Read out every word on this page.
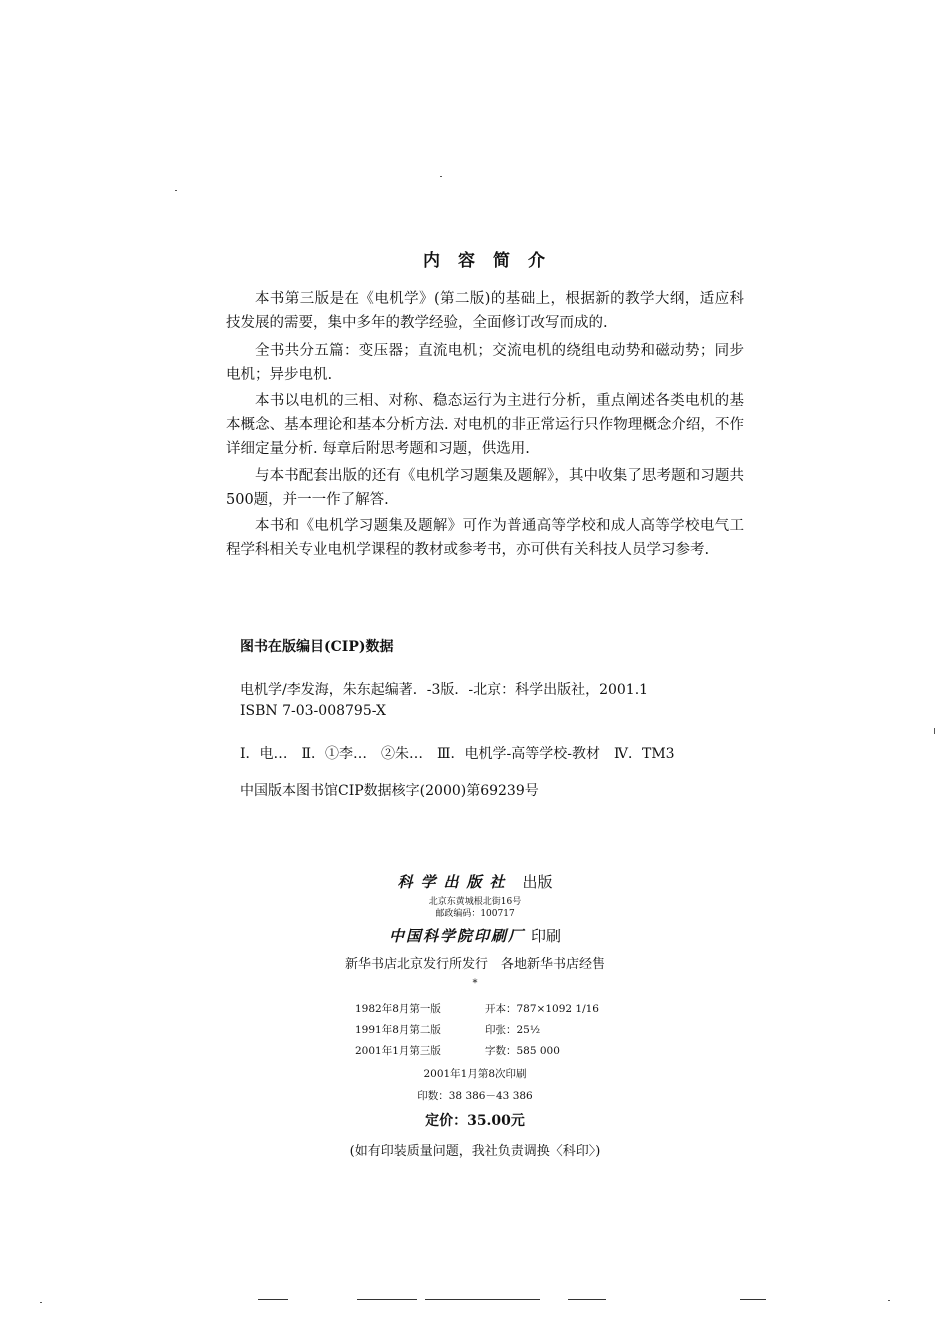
内容简介
本书第三版是在《电机学》(第二版)的基础上，根据新的教学大纲，适应科技发展的需要，集中多年的教学经验，全面修订改写而成的.
全书共分五篇：变压器；直流电机；交流电机的绕组电动势和磁动势；同步电机；异步电机.
本书以电机的三相、对称、稳态运行为主进行分析，重点阐述各类电机的基本概念、基本理论和基本分析方法. 对电机的非正常运行只作物理概念介绍，不作详细定量分析. 每章后附思考题和习题，供选用.
与本书配套出版的还有《电机学习题集及题解》，其中收集了思考题和习题共500题，并一一作了解答.
本书和《电机学习题集及题解》可作为普通高等学校和成人高等学校电气工程学科相关专业电机学课程的教材或参考书，亦可供有关科技人员学习参考.
图书在版编目(CIP)数据
电机学/李发海，朱东起编著．-3版．-北京：科学出版社，2001.1
ISBN 7-03-008795-X
Ⅰ．电…　Ⅱ．①李…　②朱…　Ⅲ．电机学-高等学校-教材　Ⅳ．TM3
中国版本图书馆CIP数据核字(2000)第69239号
科学出版社 出版
北京东黄城根北街16号
邮政编码：100717
中国科学院印刷厂 印刷
新华书店北京发行所发行　各地新华书店经售
*
1982年8月第一版	开本：787×1092 1/16
1991年8月第二版	印张：25½
2001年1月第三版	字数：585 000
2001年1月第8次印刷
印数：38 386－43 386
定价：35.00元
(如有印装质量问题，我社负责调换〈科印〉)
